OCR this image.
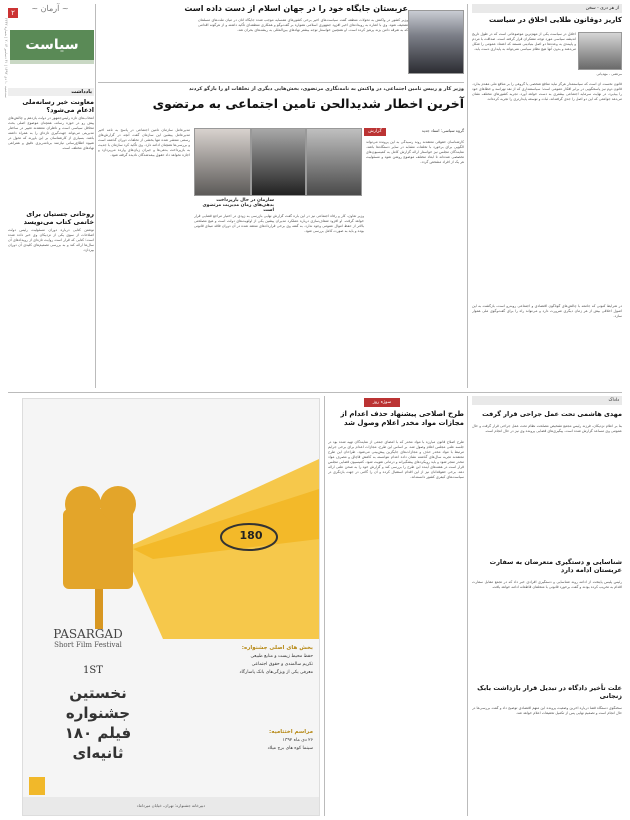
~ آرمان ~
سه‌شنبه ۱۰ دی ۱۳۹۲ | ۳۱ دسامبر ۲۰۱۳ | شماره ۲۲۳۲
۲
سیاست
یادداشت
معاونت خبر رسانه‌ملی اذعام می‌شود؟
انتخاب‌های تازه رئیس‌جمهور در دولت یازدهم و چالش‌های پیش رو در حوزه رسانه، همچنان موضوع اصلی بحث محافل سیاسی است و ناظران معتقدند تغییر در ساختار مدیریتی می‌تواند جهت‌گیری تازه‌ای را به همراه داشته باشد. بسیاری از کارشناسان بر این باورند که تحول در شیوه اطلاع‌رسانی نیازمند برنامه‌ریزی دقیق و همراهی نهادهای مختلف است.
روحانی جستیان برای خاتمی کتاب می‌نویسد
نوشتن کتابی درباره دوران مسئولیت رئیس دولت اصلاحات از سوی یکی از نزدیکان وی خبر داده شده است؛ کتابی که قرار است روایت تازه‌ای از رویدادهای آن سال‌ها ارائه کند و به بررسی تصمیم‌های کلیدی آن دوران بپردازد.
عربستان جایگاه خود را در جهان اسلام از دست داده است
وزیر کشور در واکنش به تحولات منطقه گفت سیاست‌های اخیر برخی کشورهای همسایه موجب شده جایگاه آنان در میان ملت‌های مسلمان تضعیف شود. وی با اشاره به رویدادهای اخیر افزود جمهوری اسلامی همواره بر گفت‌وگو و همکاری منطقه‌ای تأکید داشته و از هرگونه اقدامی که به تفرقه دامن بزند پرهیز کرده است. او همچنین خواستار توجه بیشتر نهادهای بین‌المللی به ریشه‌های بحران شد.
وزیر کار و رییس تامین اجتماعی، در واکنش به نامه‌نگاری مرتضوی، بخش‌هایی دیگری از تخلفات او را بازگو کردند
آخرین اخطار شدیدالحن تامین اجتماعی به مرتضوی
سازمان در حال بازپرداخت بدهی‌های زمان مدیریت مرتضوی است
گزارش	گروه سیاسی: اسناد جدید
مدیرعامل سازمان تامین اجتماعی در پاسخ به نامه اخیر مدیرعامل پیشین این سازمان گفت آنچه در گزارش‌های رسمی منتشر شده تنها بخشی از تخلفات دوران گذشته است و بررسی‌ها همچنان ادامه دارد. وی تأکید کرد سازمان با جدیت به بازپرداخت بدهی‌ها و جبران زیان‌های وارده می‌پردازد و اجازه نخواهد داد حقوق بیمه‌شدگان نادیده گرفته شود.
وزیر تعاون، کار و رفاه اجتماعی نیز در این باره گفت گزارش نهایی بازرسی به زودی در اختیار مراجع قضایی قرار خواهد گرفت. او افزود شفاف‌سازی درباره عملکرد مدیران پیشین یکی از اولویت‌های دولت است و هیچ مصلحتی بالاتر از حفظ اموال عمومی وجود ندارد. به گفته وی برخی قراردادهای منعقد شده در آن دوران فاقد مبنای قانونی بوده و باید به صورت کامل بررسی شود.
کارشناسان حقوقی معتقدند روند رسیدگی به این پرونده می‌تواند الگویی برای برخورد با تخلفات مشابه در سایر دستگاه‌ها باشد. نمایندگان مجلس نیز خواستار ارائه گزارش کامل به کمیسیون‌های تخصصی شده‌اند تا ابعاد مختلف موضوع روشن شود و مسئولیت هر یک از افراد مشخص گردد.
از هر دری - سخن
کاریز دوقانون طلایی اخلاق در سیاست
مرتضی - مهدیانی
اخلاق در سیاست یکی از مهم‌ترین موضوعاتی است که در طول تاریخ اندیشه سیاسی مورد توجه متفکران قرار گرفته است. صداقت با مردم و پایبندی به وعده‌ها دو اصل بنیادینی هستند که اعتماد عمومی را شکل می‌دهند و بدون آنها هیچ نظام سیاسی نمی‌تواند به پایداری دست یابد.
قانون نخست آن است که سیاستمدار هرگز نباید منافع شخصی یا گروهی را بر منافع ملی مقدم بدارد. قانون دوم نیز پاسخگویی در برابر افکار عمومی است؛ سیاستمداری که از نقد نهراسد و خطاهای خود را بپذیرد، در نهایت سرمایه اجتماعی بیشتری به دست خواهد آورد. تجربه کشورهای مختلف نشان می‌دهد جوامعی که این دو اصل را جدی گرفته‌اند، ثبات و توسعه پایدارتری را تجربه کرده‌اند.
در شرایط کنونی که جامعه با چالش‌های گوناگون اقتصادی و اجتماعی روبه‌رو است، بازگشت به این اصول اخلاقی بیش از هر زمان دیگری ضرورت دارد و می‌تواند راه را برای گفت‌وگوی ملی هموار سازد.
داداک
مهدی هاشمی تحت عمل جراحی قرار گرفت
بنا بر اعلام نزدیکان، فرزند رئیس مجمع تشخیص مصلحت نظام تحت عمل جراحی قرار گرفت و حال عمومی وی مساعد گزارش شده است. پیگیری‌های قضایی پرونده وی نیز در حال انجام است.
شناسایی و دستگیری متعرضان به سفارت عربستان ادامه دارد
رئیس پلیس پایتخت از ادامه روند شناسایی و دستگیری افرادی خبر داد که در تجمع مقابل سفارت اقدام به تخریب کرده بودند و گفت برخورد قانونی با متخلفان قاطعانه ادامه خواهد یافت.
علت تأخیر دادگاه در تبدیل قرار بازداشت بابک زنجانی
سخنگوی دستگاه قضا درباره آخرین وضعیت پرونده این متهم اقتصادی توضیح داد و گفت بررسی‌ها در حال انجام است و تصمیم نهایی پس از تکمیل تحقیقات اعلام خواهد شد.
سوژه روز
طرح اصلاحی پیشنهاد حذف اعدام از مجازات مواد مخدر اعلام وصول شد
طرح اصلاح قانون مبارزه با مواد مخدر که با امضای جمعی از نمایندگان تهیه شده بود در جلسه علنی مجلس اعلام وصول شد. بر اساس این طرح، مجازات اعدام برای برخی جرایم مرتبط با مواد مخدر حذف و مجازات‌های جایگزین پیش‌بینی می‌شود. طراحان این طرح معتقدند تجربه سال‌های گذشته نشان داده اعدام نتوانسته به کاهش قاچاق و مصرف مواد مخدر منجر شود و باید رویکردهای پیشگیرانه و درمانی تقویت شود. کمیسیون قضایی مجلس قرار است در هفته‌های آینده این طرح را بررسی کند و گزارش خود را به صحن علنی ارائه دهد. برخی حقوقدانان نیز از این اقدام استقبال کرده و آن را گامی در جهت بازنگری در سیاست‌های کیفری کشور دانسته‌اند.
180
PASARGAD
Short Film Festival
1ST
نخستین جشنواره فیلم ۱۸۰ ثانیه‌ای
بخش های اصلی جشنواره:
حفظ محیط زیست و منابع طبیعی
تکریم سالمندی و حقوق اجتماعی
معرفی یکی از ویژگی‌های بانک پاسارگاد
مراسم اختتامیه:
۲۶ دی ماه ۱۳۹۲
سینما کوه های برج میلاد
دبیرخانه جشنواره: تهران، خیابان میرداماد
